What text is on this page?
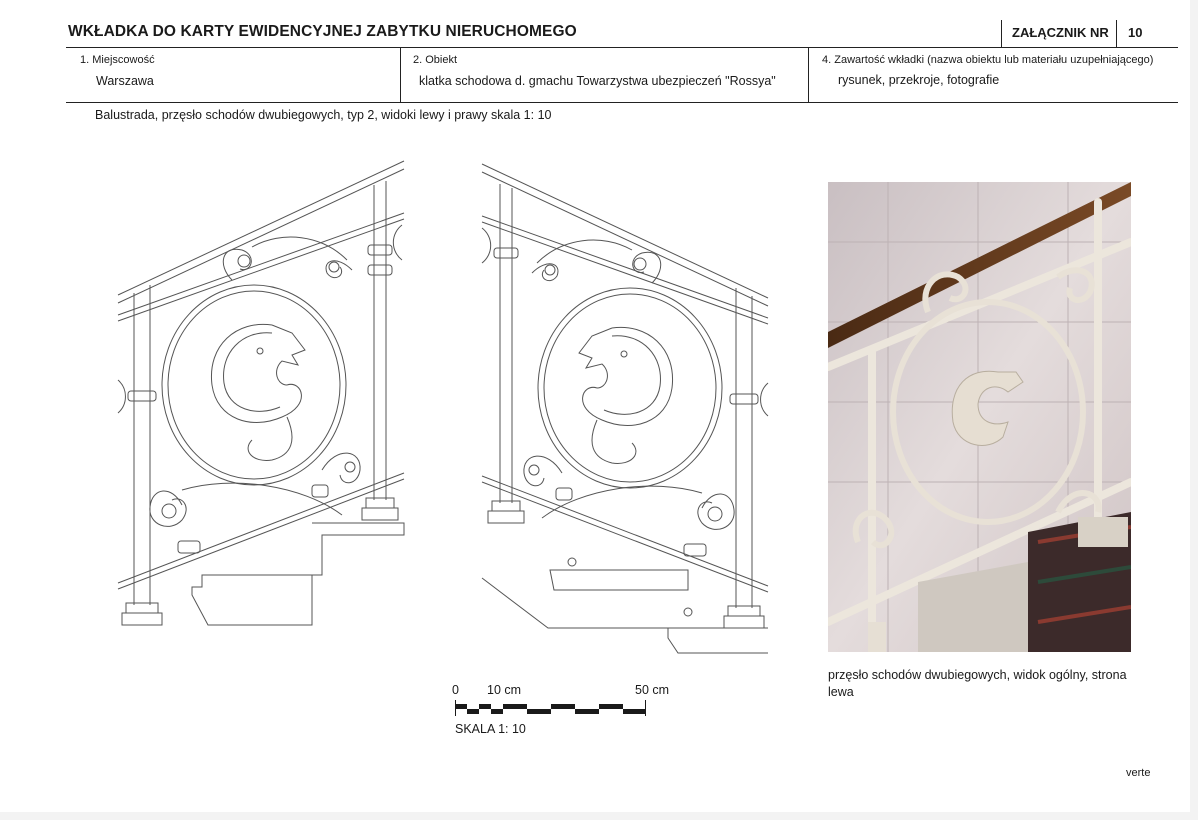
WKŁADKA DO KARTY EWIDENCYJNEJ ZABYTKU NIERUCHOMEGO	ZAŁĄCZNIK NR 10
1. Miejscowość
Warszawa
2. Obiekt
klatka schodowa d. gmachu Towarzystwa ubezpieczeń "Rossya"
4. Zawartość wkładki (nazwa obiektu lub materiału uzupełniającego)
rysunek, przekroje, fotografie
Balustrada, przęsło schodów dwubiegowych, typ 2, widoki lewy i prawy skala 1: 10
0 10 cm	50 cm
SKALA 1: 10
przęsło schodów dwubiegowych, widok ogólny, strona lewa
verte
